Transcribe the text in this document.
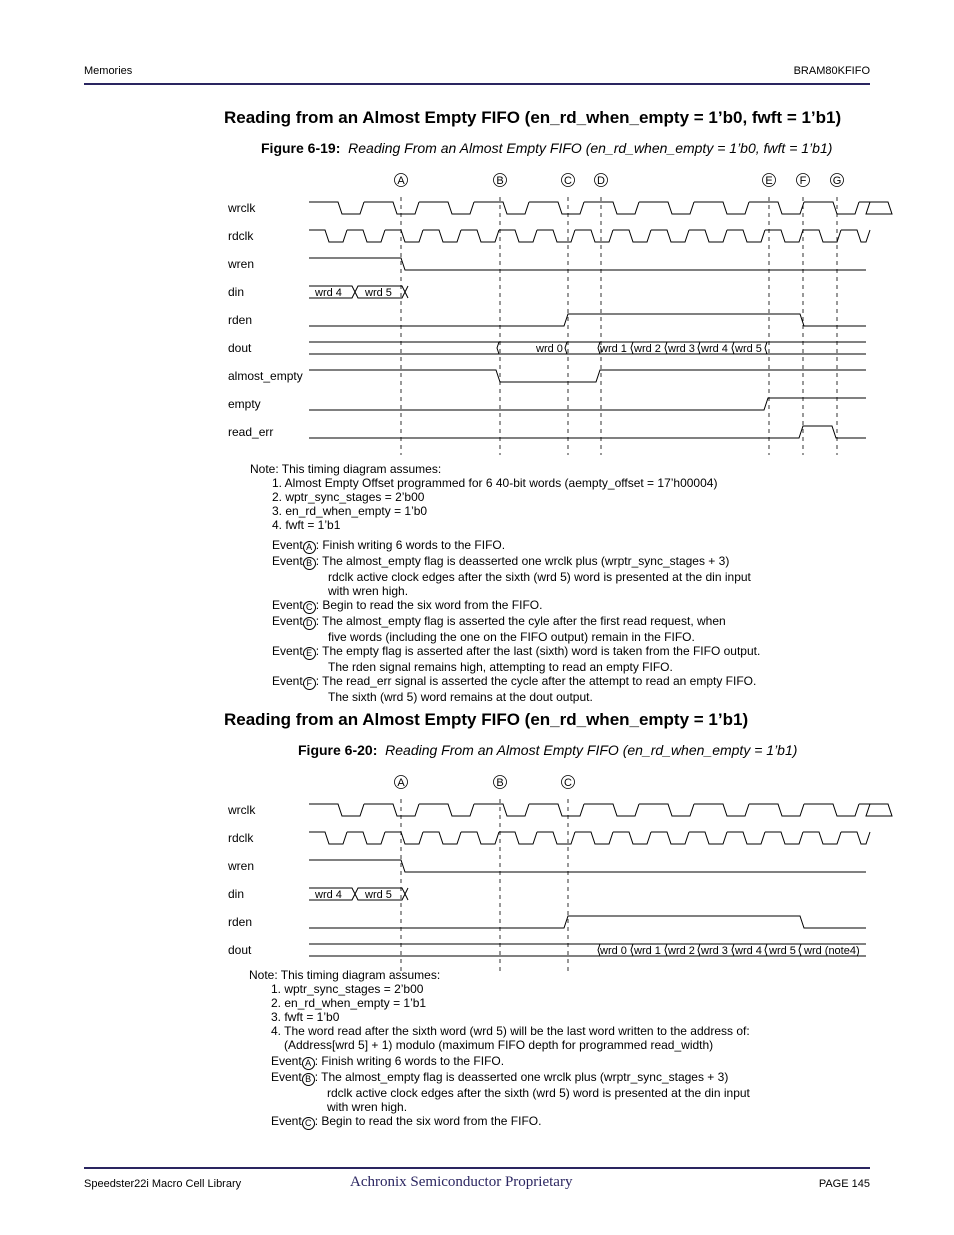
Memories	BRAM80KFIFO
Reading from an Almost Empty FIFO (en_rd_when_empty = 1’b0, fwft = 1’b1)
Figure 6-19: Reading From an Almost Empty FIFO (en_rd_when_empty = 1’b0, fwft = 1’b1)
A	B	C D	E F G
wrclk
rdclk
wren
din
rden
dout
almost_empty
empty
read_err
wrd 4 wrd 5
wrd 0	wrd 1 wrd 2 wrd 3 wrd 4 wrd 5
Note: This timing diagram assumes:
1. Almost Empty Offset programmed for 6 40-bit words (aempty_offset = 17’h00004)
2. wptr_sync_stages = 2’b00
3. en_rd_when_empty = 1’b0
4. fwft = 1’b1
Event A : Finish writing 6 words to the FIFO.
Event B : The almost_empty flag is deasserted one wrclk plus (wrptr_sync_stages + 3)
rdclk active clock edges after the sixth (wrd 5) word is presented at the din input
with wren high.
Event C : Begin to read the six word from the FIFO.
Event D : The almost_empty flag is asserted the cyle after the first read request, when
five words (including the one on the FIFO output) remain in the FIFO.
Event E : The empty flag is asserted after the last (sixth) word is taken from the FIFO output.
The rden signal remains high, attempting to read an empty FIFO.
Event F : The read_err signal is asserted the cycle after the attempt to read an empty FIFO.
The sixth (wrd 5) word remains at the dout output.
Reading from an Almost Empty FIFO (en_rd_when_empty = 1’b1)
Figure 6-20: Reading From an Almost Empty FIFO (en_rd_when_empty = 1’b1)
A	B	C
wrclk
rdclk
wren
din
rden
dout
wrd 4 wrd 5
wrd 0 wrd 1 wrd 2 wrd 3 wrd 4 wrd 5 wrd (note4)
Note: This timing diagram assumes:
1. wptr_sync_stages = 2’b00
2. en_rd_when_empty = 1’b1
3. fwft = 1’b0
4. The word read after the sixth word (wrd 5) will be the last word written to the address of:
(Address[wrd 5] + 1) modulo (maximum FIFO depth for programmed read_width)
Event A : Finish writing 6 words to the FIFO.
Event B : The almost_empty flag is deasserted one wrclk plus (wrptr_sync_stages + 3)
rdclk active clock edges after the sixth (wrd 5) word is presented at the din input
with wren high.
Event C : Begin to read the six word from the FIFO.
Speedster22i Macro Cell Library	Achronix Semiconductor Proprietary	PAGE 145
